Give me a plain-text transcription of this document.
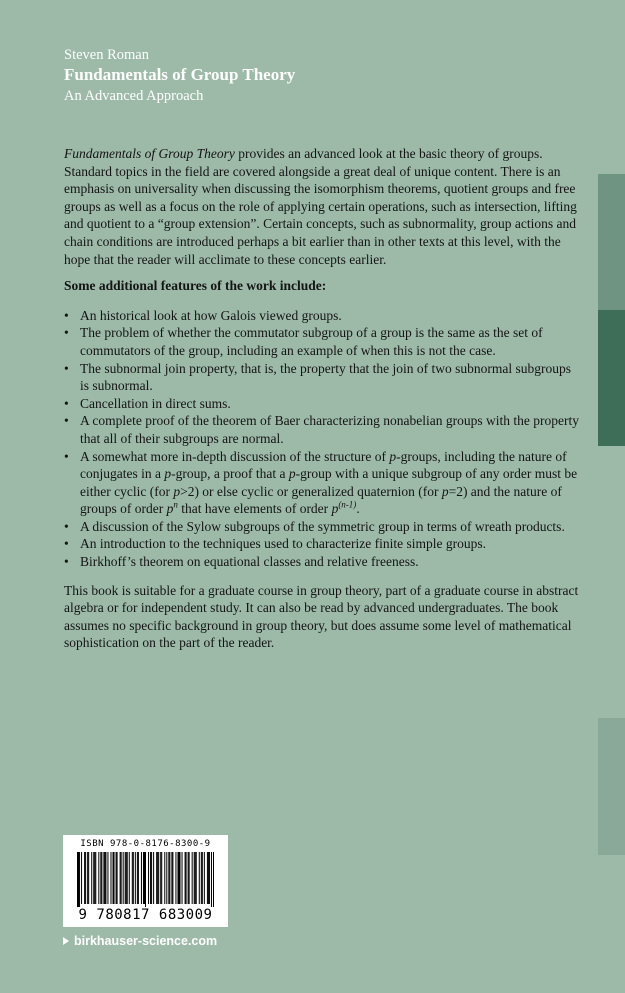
Steven Roman
Fundamentals of Group Theory
An Advanced Approach

Fundamentals of Group Theory provides an advanced look at the basic theory of groups. Standard topics in the field are covered alongside a great deal of unique content. There is an emphasis on universality when discussing the isomorphism theorems, quotient groups and free groups as well as a focus on the role of applying certain operations, such as intersection, lifting and quotient to a “group extension”. Certain concepts, such as subnormality, group actions and chain conditions are introduced perhaps a bit earlier than in other texts at this level, with the hope that the reader will acclimate to these concepts earlier.

Some additional features of the work include:

• An historical look at how Galois viewed groups.
• The problem of whether the commutator subgroup of a group is the same as the set of commutators of the group, including an example of when this is not the case.
• The subnormal join property, that is, the property that the join of two subnormal subgroups is subnormal.
• Cancellation in direct sums.
• A complete proof of the theorem of Baer characterizing nonabelian groups with the property that all of their subgroups are normal.
• A somewhat more in-depth discussion of the structure of p-groups, including the nature of conjugates in a p-group, a proof that a p-group with a unique subgroup of any order must be either cyclic (for p>2) or else cyclic or generalized quaternion (for p=2) and the nature of groups of order $p^n$ that have elements of order $p^{(n-1)}$.
• A discussion of the Sylow subgroups of the symmetric group in terms of wreath products.
• An introduction to the techniques used to characterize finite simple groups.
• Birkhoff’s theorem on equational classes and relative freeness.

This book is suitable for a graduate course in group theory, part of a graduate course in abstract algebra or for independent study. It can also be read by advanced undergraduates. The book assumes no specific background in group theory, but does assume some level of mathematical sophistication on the part of the reader.

ISBN 978-0-8176-8300-9
9 780817 683009
birkhauser-science.com
